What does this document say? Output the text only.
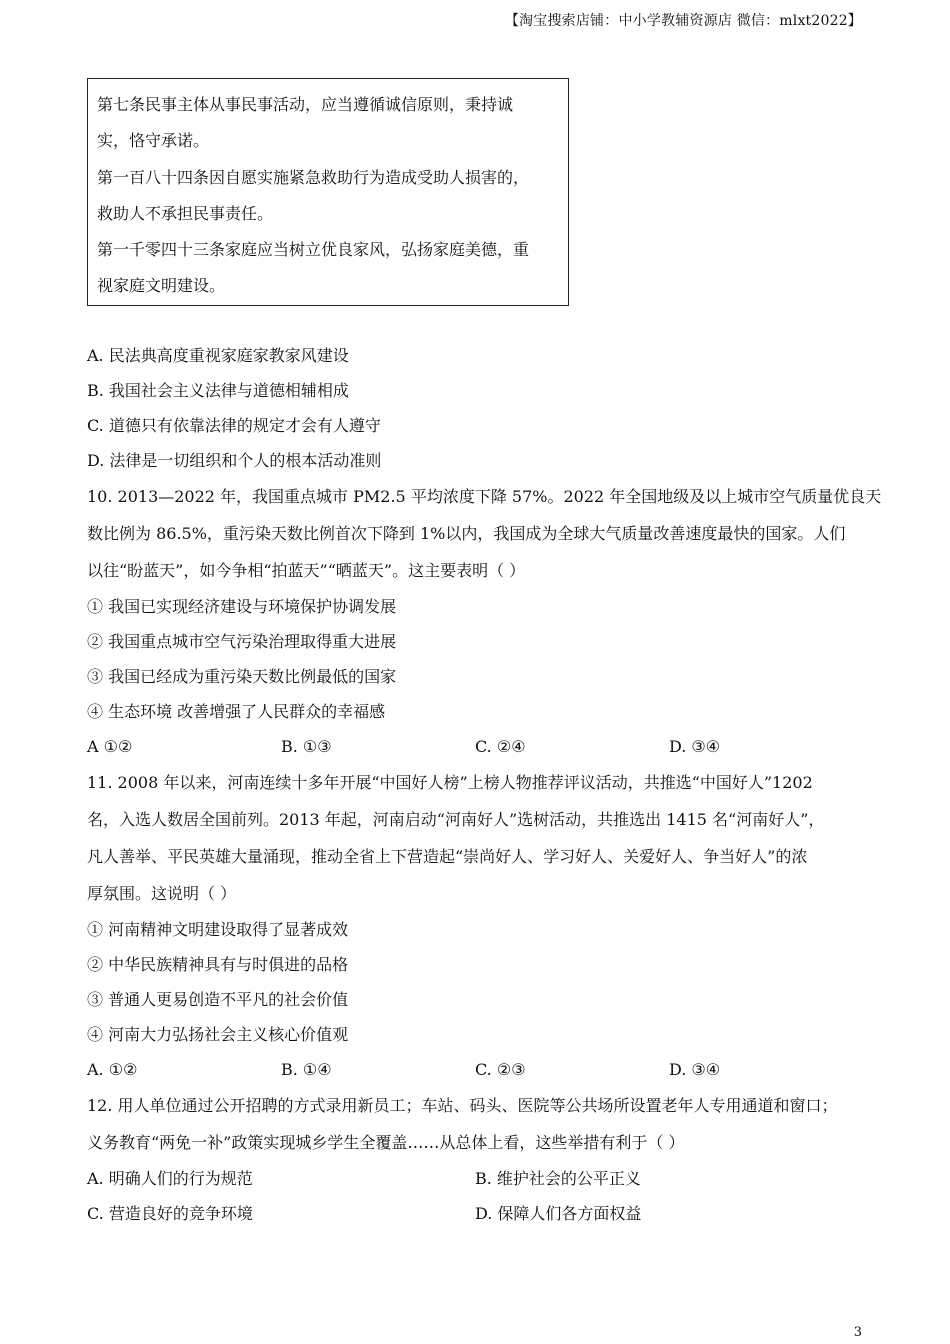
【淘宝搜索店铺：中小学教辅资源店 微信：mlxt2022】
第七条民事主体从事民事活动，应当遵循诚信原则，秉持诚
实，恪守承诺。
第一百八十四条因自愿实施紧急救助行为造成受助人损害的，
救助人不承担民事责任。
第一千零四十三条家庭应当树立优良家风，弘扬家庭美德，重
视家庭文明建设。
A. 民法典高度重视家庭家教家风建设
B. 我国社会主义法律与道德相辅相成
C. 道德只有依靠法律的规定才会有人遵守
D. 法律是一切组织和个人的根本活动准则
10. 2013—2022 年，我国重点城市 PM2.5 平均浓度下降 57%。2022 年全国地级及以上城市空气质量优良天
数比例为 86.5%，重污染天数比例首次下降到 1%以内，我国成为全球大气质量改善速度最快的国家。人们
以往“盼蓝天”，如今争相“拍蓝天”“晒蓝天”。这主要表明（ ）
① 我国已实现经济建设与环境保护协调发展
② 我国重点城市空气污染治理取得重大进展
③ 我国已经成为重污染天数比例最低的国家
④ 生态环境 改善增强了人民群众的幸福感
A ①②	B. ①③	C. ②④	D. ③④
11. 2008 年以来，河南连续十多年开展“中国好人榜”上榜人物推荐评议活动，共推选“中国好人”1202
名，入选人数居全国前列。2013 年起，河南启动“河南好人”选树活动，共推选出 1415 名“河南好人”，
凡人善举、平民英雄大量涌现，推动全省上下营造起“崇尚好人、学习好人、关爱好人、争当好人”的浓
厚氛围。这说明（ ）
① 河南精神文明建设取得了显著成效
② 中华民族精神具有与时俱进的品格
③ 普通人更易创造不平凡的社会价值
④ 河南大力弘扬社会主义核心价值观
A. ①②	B. ①④	C. ②③	D. ③④
12. 用人单位通过公开招聘的方式录用新员工；车站、码头、医院等公共场所设置老年人专用通道和窗口；
义务教育“两免一补”政策实现城乡学生全覆盖……从总体上看，这些举措有利于（ ）
A. 明确人们的行为规范	B. 维护社会的公平正义
C. 营造良好的竞争环境	D. 保障人们各方面权益
3
